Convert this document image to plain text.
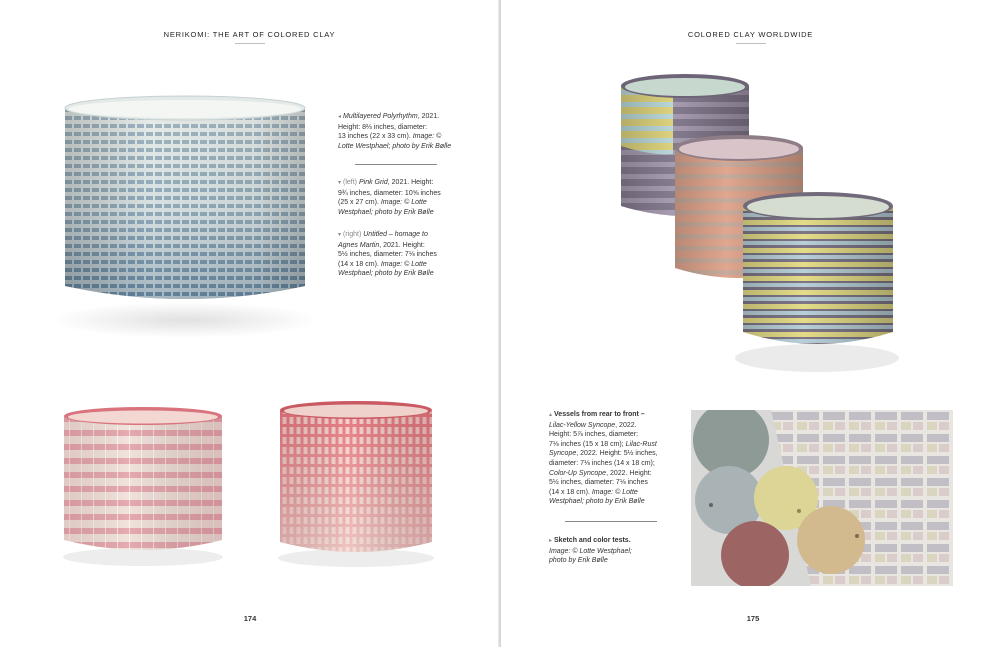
NERIKOMI: THE ART OF COLORED CLAY
◂ Multilayered Polyrhythm, 2021.
Height: 8⅔ inches, diameter:
13 inches (22 x 33 cm). Image: ©
Lotte Westphael; photo by Erik Bølle
▾ (left) Pink Grid, 2021. Height:
9¾ inches, diameter: 10⅝ inches
(25 x 27 cm). Image: © Lotte
Westphael; photo by Erik Bølle
▾ (right) Untitled – homage to
Agnes Martin, 2021. Height:
5½ inches, diameter: 7⅛ inches
(14 x 18 cm). Image: © Lotte
Westphael; photo by Erik Bølle
174
COLORED CLAY WORLDWIDE
▴ Vessels from rear to front –
Lilac-Yellow Syncope, 2022.
Height: 5⅞ inches, diameter:
7⅛ inches (15 x 18 cm); Lilac-Rust
Syncope, 2022. Height: 5½ inches,
diameter: 7⅛ inches (14 x 18 cm);
Color-Up Syncope, 2022. Height:
5½ inches, diameter: 7⅛ inches
(14 x 18 cm). Image: © Lotte
Westphael; photo by Erik Bølle
▸ Sketch and color tests.
Image: © Lotte Westphael;
photo by Erik Bølle
175
